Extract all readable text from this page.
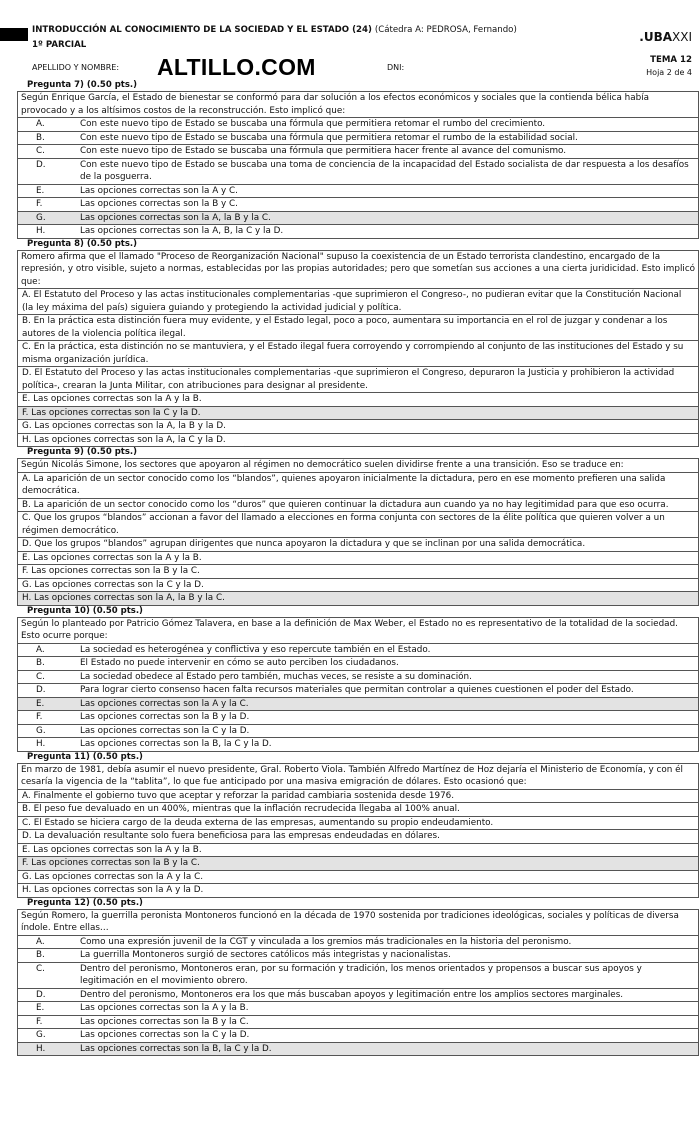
INTRODUCCIÓN AL CONOCIMIENTO DE LA SOCIEDAD Y EL ESTADO (24) (Cátedra A: PEDROSA, Fernando)
1º PARCIAL
.UBAXXI
APELLIDO Y NOMBRE: ALTILLO.COM	DNI:
TEMA 12
Hoja 2 de 4
Pregunta 7) (0.50 pts.)
Según Enrique García, el Estado de bienestar se conformó para dar solución a los efectos económicos y sociales que la contienda bélica había provocado y a los altísimos costos de la reconstrucción. Esto implicó que:
A.	Con este nuevo tipo de Estado se buscaba una fórmula que permitiera retomar el rumbo del crecimiento.
B.	Con este nuevo tipo de Estado se buscaba una fórmula que permitiera retomar el rumbo de la estabilidad social.
C.	Con este nuevo tipo de Estado se buscaba una fórmula que permitiera hacer frente al avance del comunismo.
D.	Con este nuevo tipo de Estado se buscaba una toma de conciencia de la incapacidad del Estado socialista de dar respuesta a los desafíos de la posguerra.
E.	Las opciones correctas son la A y C.
F.	Las opciones correctas son la B y C.
G.	Las opciones correctas son la A, la B y la C.
H.	Las opciones correctas son la A, B, la C y la D.
Pregunta 8) (0.50 pts.)
Romero afirma que el llamado "Proceso de Reorganización Nacional" supuso la coexistencia de un Estado terrorista clandestino, encargado de la represión, y otro visible, sujeto a normas, establecidas por las propias autoridades; pero que sometían sus acciones a una cierta juridicidad. Esto implicó que:
A. El Estatuto del Proceso y las actas institucionales complementarias -que suprimieron el Congreso-, no pudieran evitar que la Constitución Nacional (la ley máxima del país) siguiera guiando y protegiendo la actividad judicial y política.
B. En la práctica esta distinción fuera muy evidente, y el Estado legal, poco a poco, aumentara su importancia en el rol de juzgar y condenar a los autores de la violencia política ilegal.
C. En la práctica, esta distinción no se mantuviera, y el Estado ilegal fuera corroyendo y corrompiendo al conjunto de las instituciones del Estado y su misma organización jurídica.
D. El Estatuto del Proceso y las actas institucionales complementarias -que suprimieron el Congreso, depuraron la Justicia y prohibieron la actividad política-, crearan la Junta Militar, con atribuciones para designar al presidente.
E. Las opciones correctas son la A y la B.
F. Las opciones correctas son la C y la D.
G. Las opciones correctas son la A, la B y la D.
H. Las opciones correctas son la A, la C y la D.
Pregunta 9) (0.50 pts.)
Según Nicolás Simone, los sectores que apoyaron al régimen no democrático suelen dividirse frente a una transición. Eso se traduce en:
A. La aparición de un sector conocido como los “blandos”, quienes apoyaron inicialmente la dictadura, pero en ese momento prefieren una salida democrática.
B. La aparición de un sector conocido como los “duros” que quieren continuar la dictadura aun cuando ya no hay legitimidad para que eso ocurra.
C. Que los grupos “blandos” accionan a favor del llamado a elecciones en forma conjunta con sectores de la élite política que quieren volver a un régimen democrático.
D. Que los grupos “blandos” agrupan dirigentes que nunca apoyaron la dictadura y que se inclinan por una salida democrática.
E. Las opciones correctas son la A y la B.
F. Las opciones correctas son la B y la C.
G. Las opciones correctas son la C y la D.
H. Las opciones correctas son la A, la B y la C.
Pregunta 10) (0.50 pts.)
Según lo planteado por Patricio Gómez Talavera, en base a la definición de Max Weber, el Estado no es representativo de la totalidad de la sociedad. Esto ocurre porque:
A.	La sociedad es heterogénea y conflictiva y eso repercute también en el Estado.
B.	El Estado no puede intervenir en cómo se auto perciben los ciudadanos.
C.	La sociedad obedece al Estado pero también, muchas veces, se resiste a su dominación.
D.	Para lograr cierto consenso hacen falta recursos materiales que permitan controlar a quienes cuestionen el poder del Estado.
E.	Las opciones correctas son la A y la C.
F.	Las opciones correctas son la B y la D.
G.	Las opciones correctas son la C y la D.
H.	Las opciones correctas son la B, la C y la D.
Pregunta 11) (0.50 pts.)
En marzo de 1981, debía asumir el nuevo presidente, Gral. Roberto Viola. También Alfredo Martínez de Hoz dejaría el Ministerio de Economía, y con él cesaría la vigencia de la “tablita”, lo que fue anticipado por una masiva emigración de dólares. Esto ocasionó que:
A. Finalmente el gobierno tuvo que aceptar y reforzar la paridad cambiaria sostenida desde 1976.
B. El peso fue devaluado en un 400%, mientras que la inflación recrudecida llegaba al 100% anual.
C. El Estado se hiciera cargo de la deuda externa de las empresas, aumentando su propio endeudamiento.
D. La devaluación resultante solo fuera beneficiosa para las empresas endeudadas en dólares.
E. Las opciones correctas son la A y la B.
F. Las opciones correctas son la B y la C.
G. Las opciones correctas son la A y la C.
H. Las opciones correctas son la A y la D.
Pregunta 12) (0.50 pts.)
Según Romero, la guerrilla peronista Montoneros funcionó en la década de 1970 sostenida por tradiciones ideológicas, sociales y políticas de diversa índole. Entre ellas…
A.	Como una expresión juvenil de la CGT y vinculada a los gremios más tradicionales en la historia del peronismo.
B.	La guerrilla Montoneros surgió de sectores católicos más integristas y nacionalistas.
C.	Dentro del peronismo, Montoneros eran, por su formación y tradición, los menos orientados y propensos a buscar sus apoyos y legitimación en el movimiento obrero.
D.	Dentro del peronismo, Montoneros era los que más buscaban apoyos y legitimación entre los amplios sectores marginales.
E.	Las opciones correctas son la A y la B.
F.	Las opciones correctas son la B y la C.
G.	Las opciones correctas son la C y la D.
H.	Las opciones correctas son la B, la C y la D.
